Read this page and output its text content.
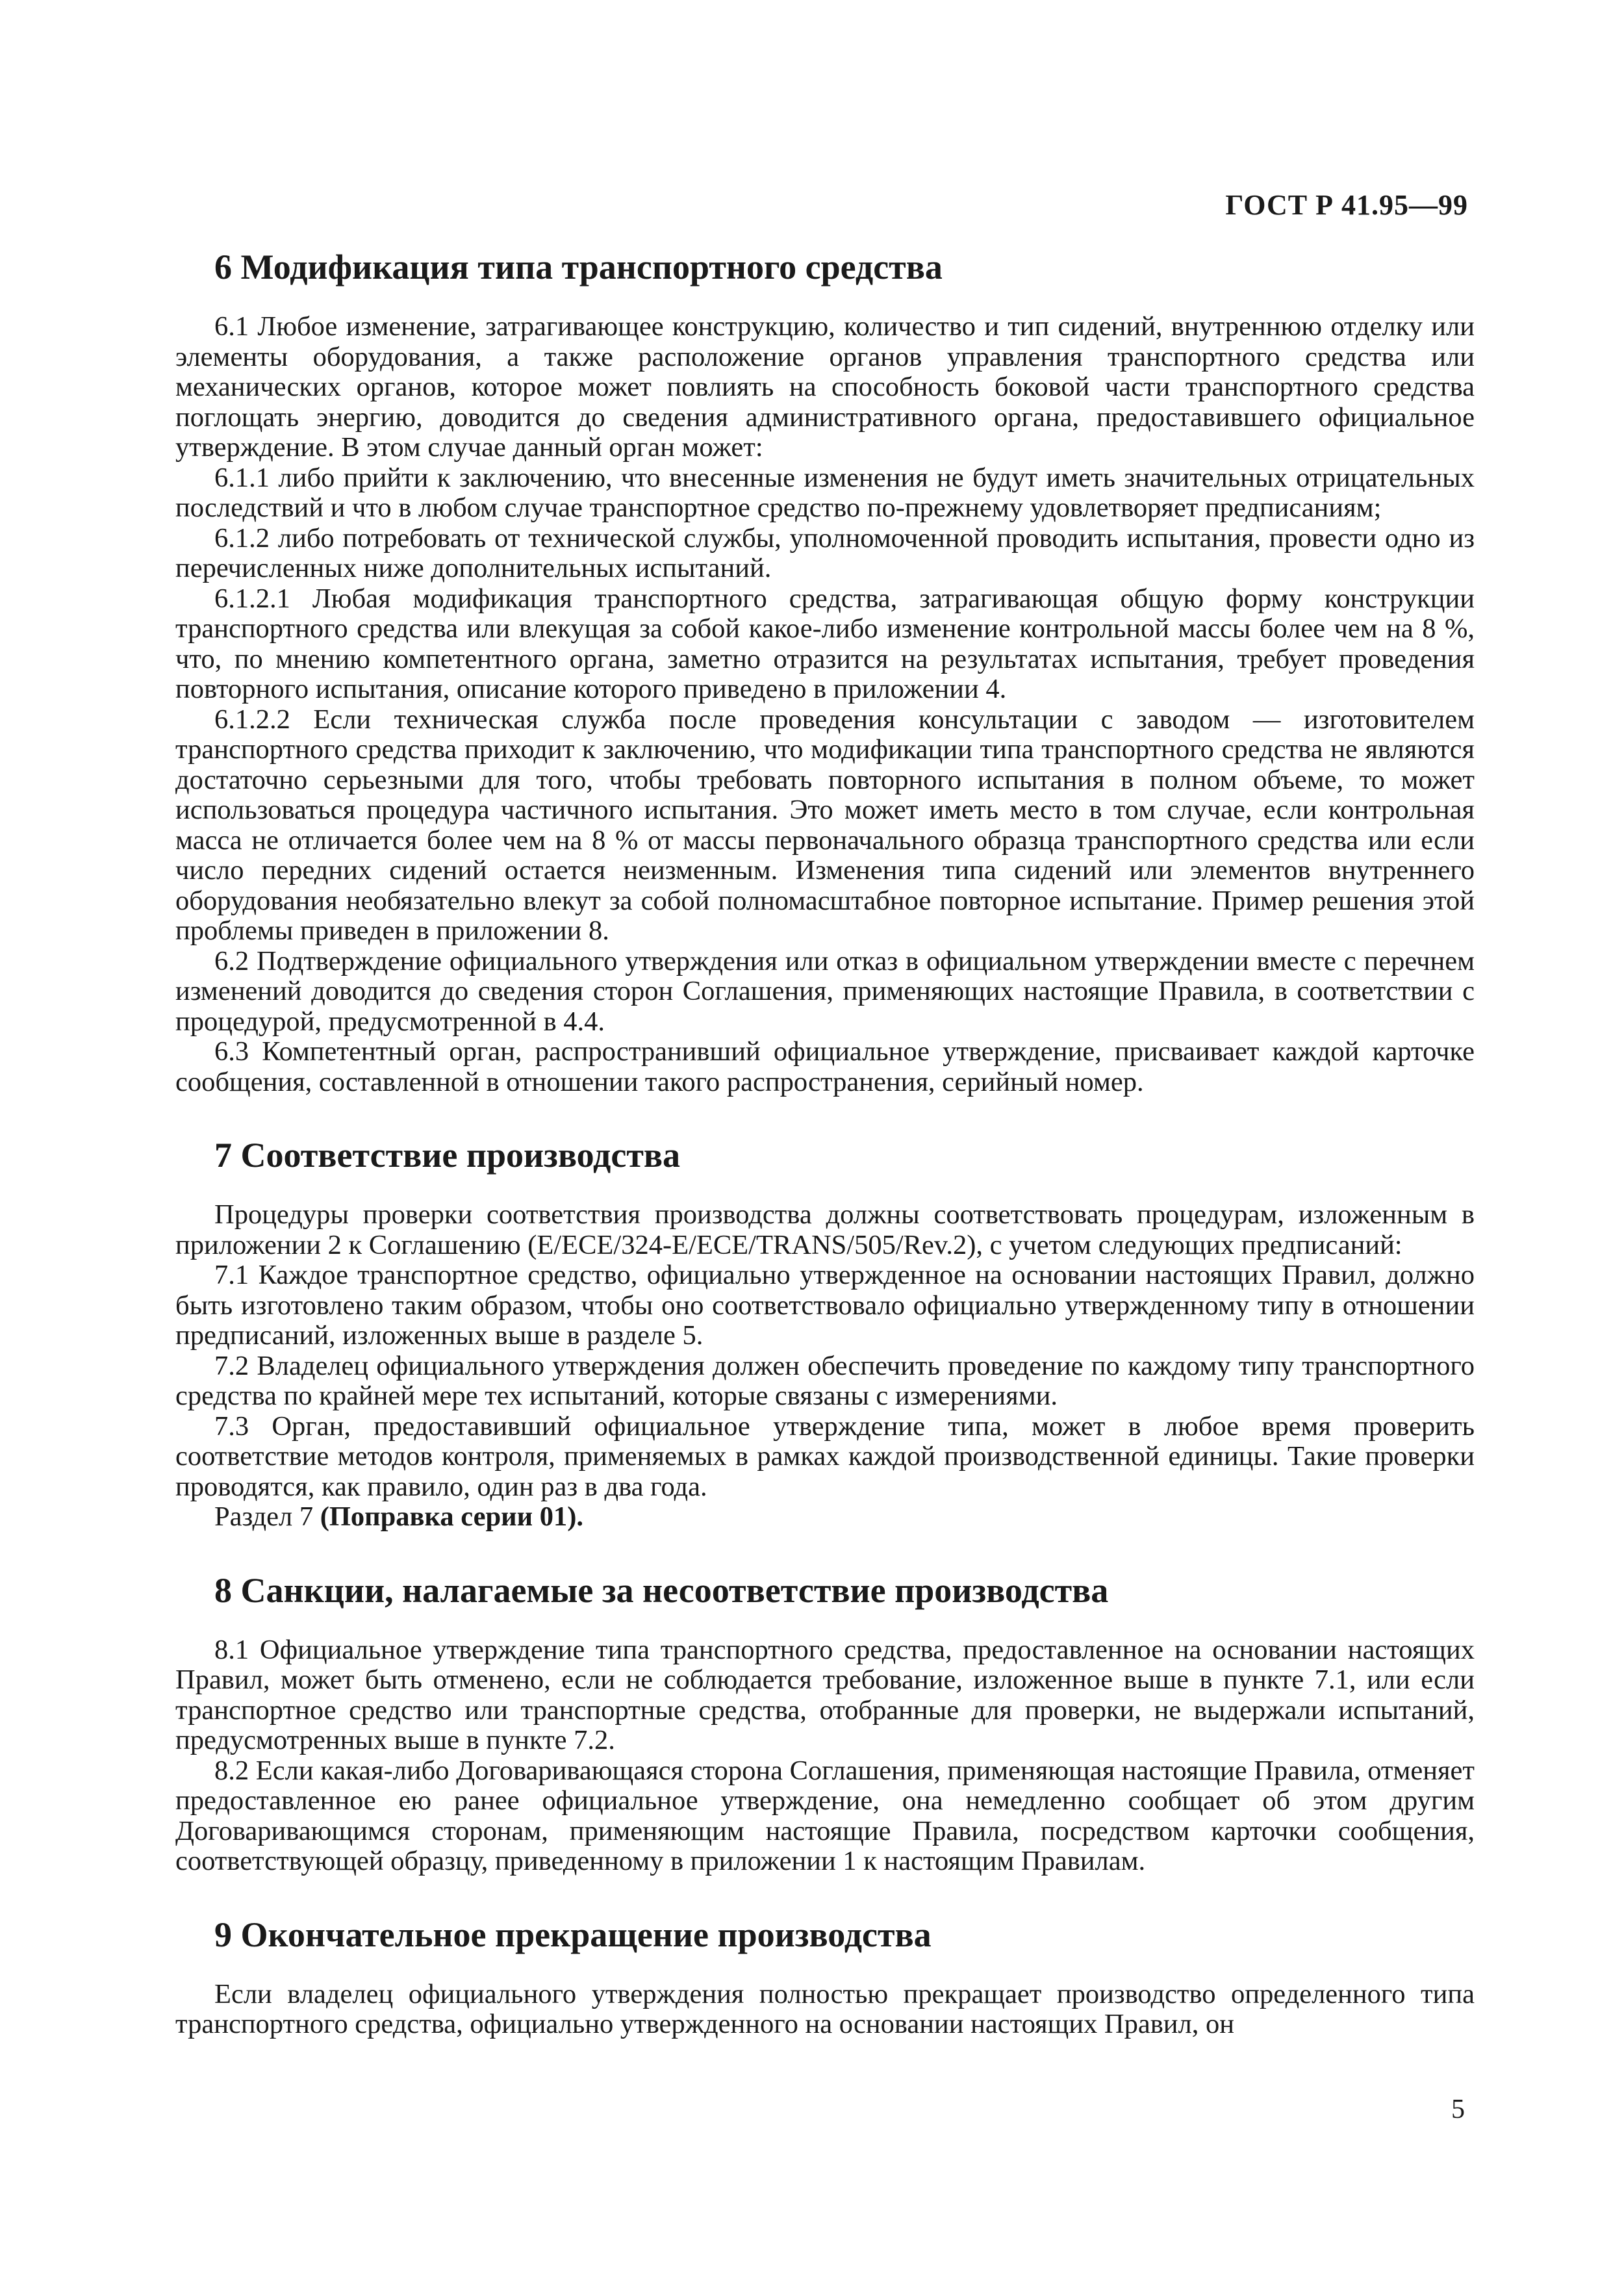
ГОСТ Р 41.95—99
6 Модификация типа транспортного средства

6.1 Любое изменение, затрагивающее конструкцию, количество и тип сидений, внутреннюю отделку или элементы оборудования, а также расположение органов управления транспортного средства или механических органов, которое может повлиять на способность боковой части транспортного средства поглощать энергию, доводится до сведения административного органа, предоставившего официальное утверждение. В этом случае данный орган может:

6.1.1 либо прийти к заключению, что внесенные изменения не будут иметь значительных отрицательных последствий и что в любом случае транспортное средство по-прежнему удовлетворяет предписаниям;

6.1.2 либо потребовать от технической службы, уполномоченной проводить испытания, провести одно из перечисленных ниже дополнительных испытаний.

6.1.2.1 Любая модификация транспортного средства, затрагивающая общую форму конструкции транспортного средства или влекущая за собой какое-либо изменение контрольной массы более чем на 8 %, что, по мнению компетентного органа, заметно отразится на результатах испытания, требует проведения повторного испытания, описание которого приведено в приложении 4.

6.1.2.2 Если техническая служба после проведения консультации с заводом — изготовителем транспортного средства приходит к заключению, что модификации типа транспортного средства не являются достаточно серьезными для того, чтобы требовать повторного испытания в полном объеме, то может использоваться процедура частичного испытания. Это может иметь место в том случае, если контрольная масса не отличается более чем на 8 % от массы первоначального образца транспортного средства или если число передних сидений остается неизменным. Изменения типа сидений или элементов внутреннего оборудования необязательно влекут за собой полномасштабное повторное испытание. Пример решения этой проблемы приведен в приложении 8.

6.2 Подтверждение официального утверждения или отказ в официальном утверждении вместе с перечнем изменений доводится до сведения сторон Соглашения, применяющих настоящие Правила, в соответствии с процедурой, предусмотренной в 4.4.

6.3 Компетентный орган, распространивший официальное утверждение, присваивает каждой карточке сообщения, составленной в отношении такого распространения, серийный номер.

7 Соответствие производства

Процедуры проверки соответствия производства должны соответствовать процедурам, изложенным в приложении 2 к Соглашению (E/ECE/324-E/ECE/TRANS/505/Rev.2), с учетом следующих предписаний:

7.1 Каждое транспортное средство, официально утвержденное на основании настоящих Правил, должно быть изготовлено таким образом, чтобы оно соответствовало официально утвержденному типу в отношении предписаний, изложенных выше в разделе 5.

7.2 Владелец официального утверждения должен обеспечить проведение по каждому типу транспортного средства по крайней мере тех испытаний, которые связаны с измерениями.

7.3 Орган, предоставивший официальное утверждение типа, может в любое время проверить соответствие методов контроля, применяемых в рамках каждой производственной единицы. Такие проверки проводятся, как правило, один раз в два года.

Раздел 7 (Поправка серии 01).

8 Санкции, налагаемые за несоответствие производства

8.1 Официальное утверждение типа транспортного средства, предоставленное на основании настоящих Правил, может быть отменено, если не соблюдается требование, изложенное выше в пункте 7.1, или если транспортное средство или транспортные средства, отобранные для проверки, не выдержали испытаний, предусмотренных выше в пункте 7.2.

8.2 Если какая-либо Договаривающаяся сторона Соглашения, применяющая настоящие Правила, отменяет предоставленное ею ранее официальное утверждение, она немедленно сообщает об этом другим Договаривающимся сторонам, применяющим настоящие Правила, посредством карточки сообщения, соответствующей образцу, приведенному в приложении 1 к настоящим Правилам.

9 Окончательное прекращение производства

Если владелец официального утверждения полностью прекращает производство определенного типа транспортного средства, официально утвержденного на основании настоящих Правил, он

5
